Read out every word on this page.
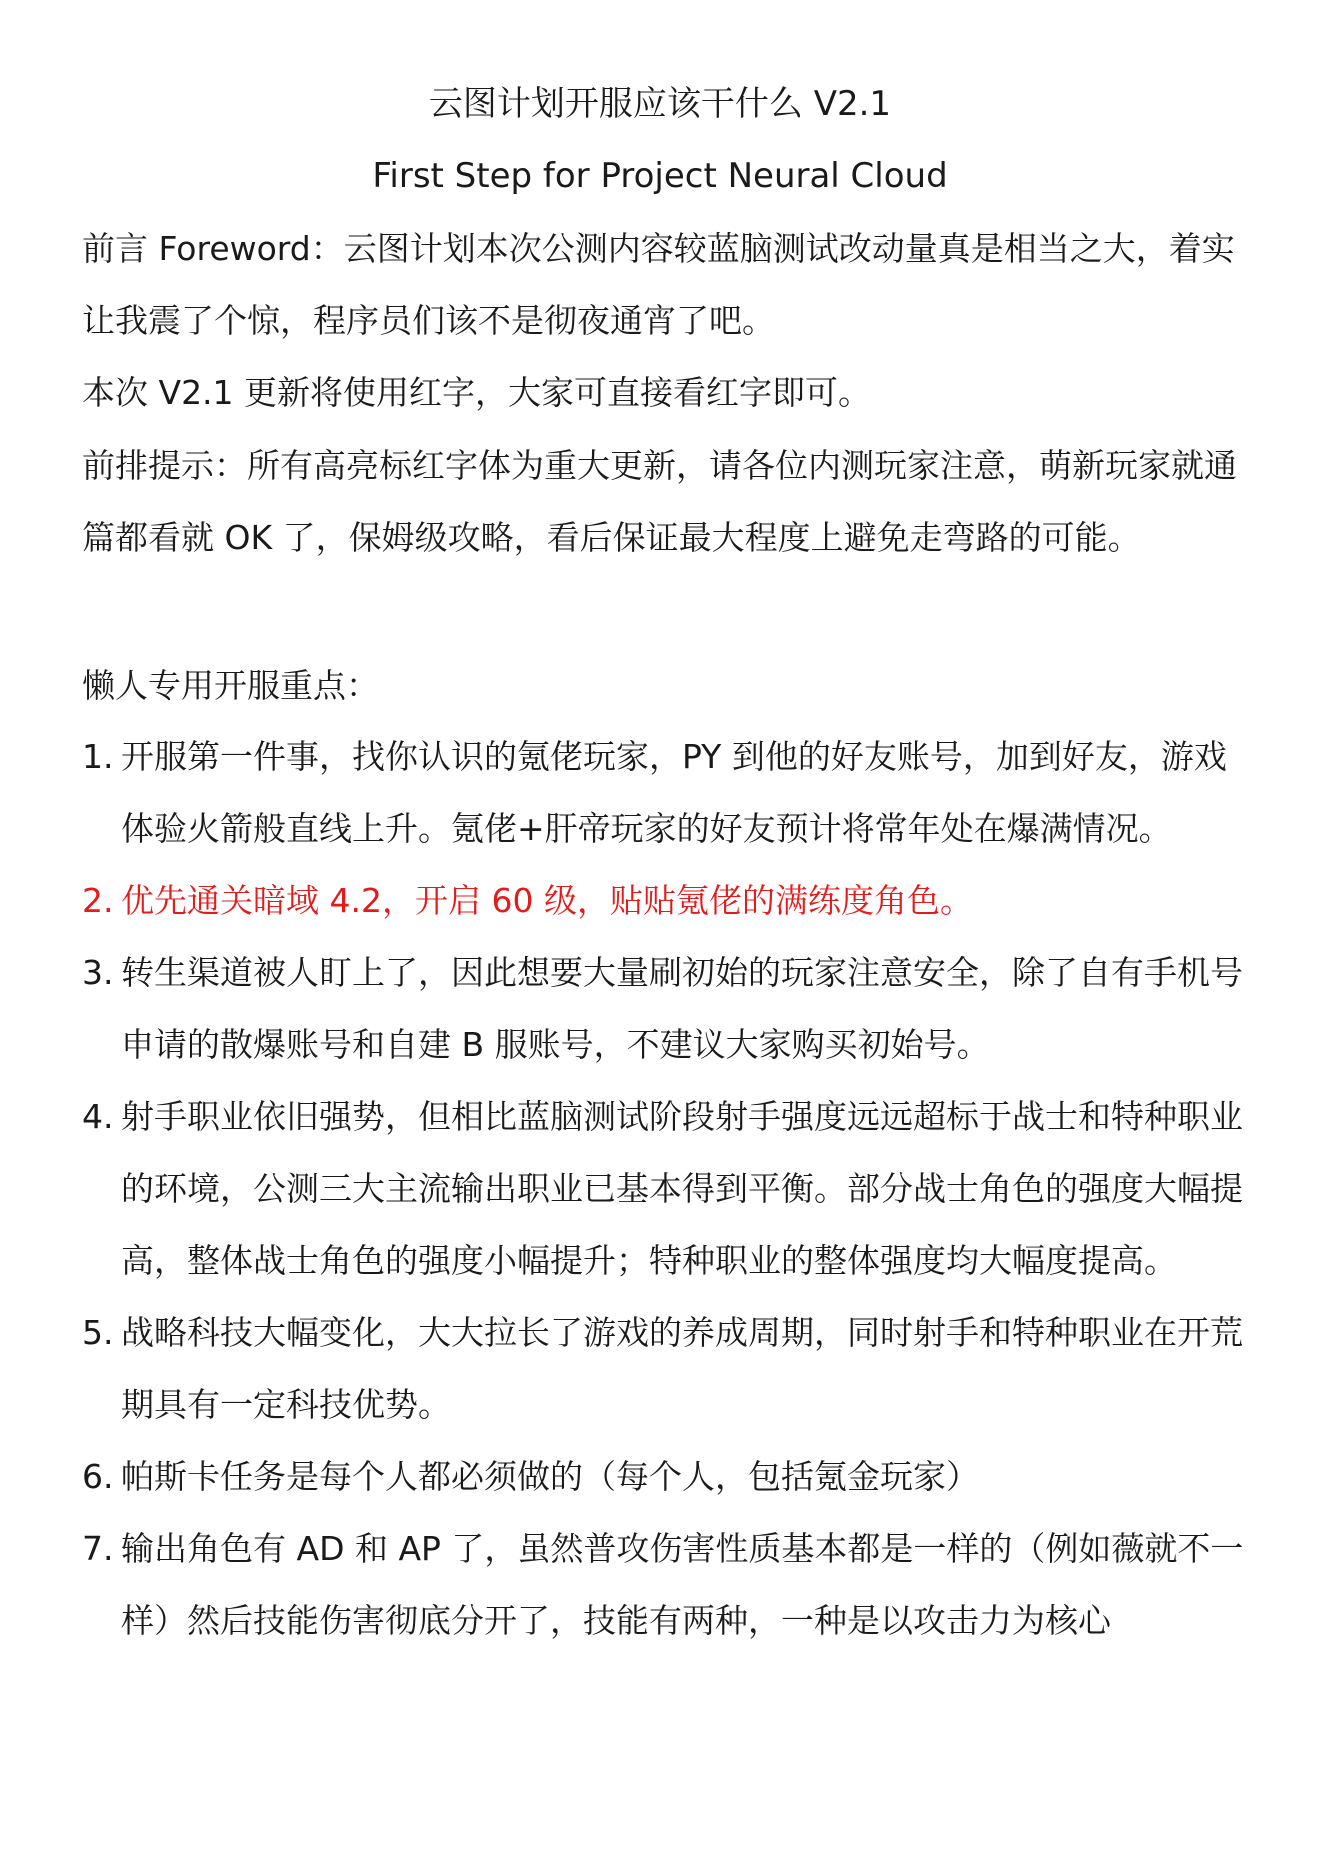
云图计划开服应该干什么 V2.1
First Step for Project Neural Cloud
前言 Foreword：云图计划本次公测内容较蓝脑测试改动量真是相当之大，着实让我震了个惊，程序员们该不是彻夜通宵了吧。
本次 V2.1 更新将使用红字，大家可直接看红字即可。
前排提示：所有高亮标红字体为重大更新，请各位内测玩家注意，萌新玩家就通篇都看就 OK 了，保姆级攻略，看后保证最大程度上避免走弯路的可能。
懒人专用开服重点：
1. 开服第一件事，找你认识的氪佬玩家，PY 到他的好友账号，加到好友，游戏体验火箭般直线上升。氪佬+肝帝玩家的好友预计将常年处在爆满情况。
2. 优先通关暗域 4.2，开启 60 级，贴贴氪佬的满练度角色。
3. 转生渠道被人盯上了，因此想要大量刷初始的玩家注意安全，除了自有手机号申请的散爆账号和自建 B 服账号，不建议大家购买初始号。
4. 射手职业依旧强势，但相比蓝脑测试阶段射手强度远远超标于战士和特种职业的环境，公测三大主流输出职业已基本得到平衡。部分战士角色的强度大幅提高，整体战士角色的强度小幅提升；特种职业的整体强度均大幅度提高。
5. 战略科技大幅变化，大大拉长了游戏的养成周期，同时射手和特种职业在开荒期具有一定科技优势。
6. 帕斯卡任务是每个人都必须做的（每个人，包括氪金玩家）
7. 输出角色有 AD 和 AP 了，虽然普攻伤害性质基本都是一样的（例如薇就不一样）然后技能伤害彻底分开了，技能有两种，一种是以攻击力为核心
